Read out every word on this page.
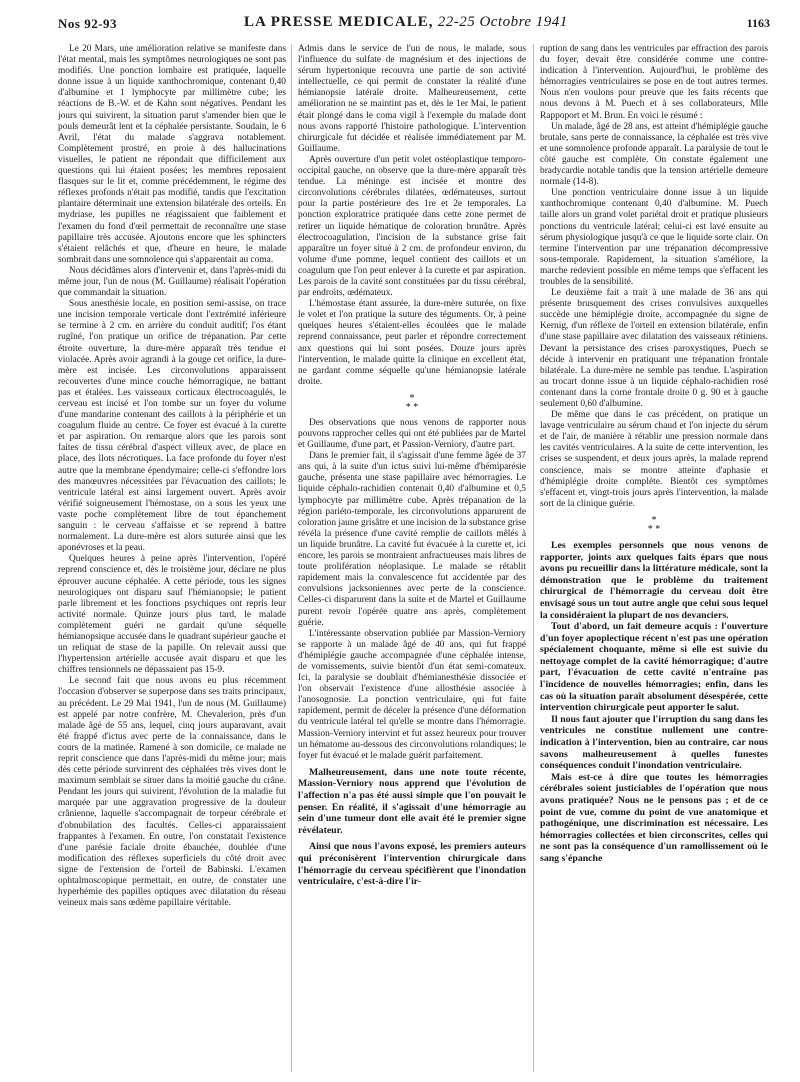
Nos 92-93	LA PRESSE MEDICALE, 22-25 Octobre 1941	1163

Le 20 Mars, une amélioration relative se manifeste dans l'état mental, mais les symptômes neurologiques ne sont pas modifiés. Une ponction lombaire est pratiquée, laquelle donne issue à un liquide xanthochromique, contenant 0,40 d'albumine et 1 lymphocyte par millimètre cube; les réactions de B.-W. et de Kahn sont négatives. Pendant les jours qui suivirent, la situation parut s'amender bien que le pouls demeurât lent et la céphalée persistante. Soudain, le 6 Avril, l'état du malade s'aggrava notablement. Complètement prostré, en proie à des hallucinations visuelles, le patient ne répondait que difficilement aux questions qui lui étaient posées; les membres reposaient flasques sur le lit et, comme précédemment, le régime des réflexes profonds n'était pas modifié, tandis que l'excitation plantaire déterminait une extension bilatérale des orteils. En mydriase, les pupilles ne réagissaient que faiblement et l'examen du fond d'œil permettait de reconnaître une stase papillaire très accusée. Ajoutons encore que les sphincters s'étaient relâchés et que, d'heure en heure, le malade sombrait dans une somnolence qui s'apparentait au coma.

Nous décidâmes alors d'intervenir et, dans l'après-midi du même jour, l'un de nous (M. Guillaume) réalisait l'opération que commandait la situation.

Sous anesthésie locale, en position semi-assise, on trace une incision temporale verticale dont l'extrémité inférieure se termine à 2 cm. en arrière du conduit auditif; l'os étant rugîné, l'on pratique un orifice de trépanation. Par cette étroite ouverture, la dure-mère apparaît très tendue et violacée. Après avoir agrandi à la gouge cet orifice, la dure-mère est incisée. Les circonvolutions apparaissent recouvertes d'une mince couche hémorragique, ne battant pas et étalées. Les vaisseaux corticaux électrocoagulés, le cerveau est incisé et l'on tombe sur un foyer du volume d'une mandarine contenant des caillots à la périphérie et un coagulum fluide au centre. Ce foyer est évacué à la curette et par aspiration. On remarque alors que les parois sont faites de tissu cérébral d'aspect villeux avec, de place en place, des îlots nécrotiques. La face profonde du foyer n'est autre que la membrane épendymaire; celle-ci s'effondre lors des manœuvres nécessitées par l'évacuation des caillots; le ventricule latéral est ainsi largement ouvert. Après avoir vérifié soigneusement l'hémostase, on a sous les yeux une vaste poche complètement libre de tout épanchement sanguin : le cerveau s'affaisse et se reprend à battre normalement. La dure-mère est alors suturée ainsi que les aponévroses et la peau.

Quelques heures à peine après l'intervention, l'opéré reprend conscience et, dès le troisième jour, déclare ne plus éprouver aucune céphalée. A cette période, tous les signes neurologiques ont disparu sauf l'hémianopsie; le patient parle librement et les fonctions psychiques ont repris leur activité normale. Quinze jours plus tard, le malade complètement guéri ne gardait qu'une séquelle hémianopsique accusée dans le quadrant supérieur gauche et un reliquat de stase de la papille. On relevait aussi que l'hypertension artérielle accusée avait disparu et que les chiffres tensionnels ne dépassaient pas 15-9.

Le second fait que nous avons eu plus récemment l'occasion d'observer se superpose dans ses traits principaux, au précédent. Le 29 Mai 1941, l'un de nous (M. Guillaume) est appelé par notre confrère, M. Chevalerion, près d'un malade âgé de 55 ans, lequel, cinq jours auparavant, avait été frappé d'ictus avec perte de la connaissance, dans le cours de la matinée. Ramené à son domicile, ce malade ne reprit conscience que dans l'après-midi du même jour; mais dès cette période survinrent des céphalées très vives dont le maximum semblait se situer dans la moitié gauche du crâne. Pendant les jours qui suivirent, l'évolution de la maladie fut marquée par une aggravation progressive de la douleur crânienne, laquelle s'accompagnait de torpeur cérébrale et d'obnubilation des facultés. Celles-ci apparaissaient frappantes à l'examen. En outre, l'on constatait l'existence d'une parésie faciale droite ébauchée, doublée d'une modification des réflexes superficiels du côté droit avec signe de l'extension de l'orteil de Babinski. L'examen ophtalmoscopique permettait, en outre, de constater une hyperhémie des papilles optiques avec dilatation du réseau veineux mais sans œdème papillaire véritable.

Admis dans le service de l'un de nous, le malade, sous l'influence du sulfate de magnésium et des injections de sérum hypertonique recouvra une partie de son activité intellectuelle, ce qui permit de constater la réalité d'une hémianopsie latérale droite. Malheureusement, cette amélioration ne se maintint pas et, dès le 1er Mai, le patient était plongé dans le coma vigil à l'exemple du malade dont nous avons rapporté l'histoire pathologique. L'intervention chirurgicale fut décidée et réalisée immédiatement par M. Guillaume.

Après ouverture d'un petit volet ostéoplastique temporo-occipital gauche, on observe que la dure-mère apparaît très tendue. La méninge est incisée et montre des circonvolutions cérébrales dilatées, œdémateuses, surtout pour la partie postérieure des 1re et 2e temporales. La ponction exploratrice pratiquée dans cette zone permet de retirer un liquide hématique de coloration brunâtre. Après électrocoagulation, l'incision de la substance grise fait apparaître un foyer situé à 2 cm. de profondeur environ, du volume d'une pomme, lequel contient des caillots et un coagulum que l'on peut enlever à la curette et par aspiration. Les parois de la cavité sont constituées par du tissu cérébral, par endroits, œdémateux.

L'hémostase étant assurée, la dure-mère suturée, on fixe le volet et l'on pratique la suture des téguments. Or, à peine quelques heures s'étaient-elles écoulées que le malade reprend connaissance, peut parler et répondre correctement aux questions qui lui sont posées. Douze jours après l'intervention, le malade quitte la clinique en excellent état, ne gardant comme séquelle qu'une hémianopsie latérale droite.

*
* *

Des observations que nous venons de rapporter nous pouvons rapprocher celles qui ont été publiées par de Martel et Guillaume, d'une part, et Passion-Verniory, d'autre part.

Dans le premier fait, il s'agissait d'une femme âgée de 37 ans qui, à la suite d'un ictus suivi lui-même d'hémiparésie gauche, présenta une stase papillaire avec hémorragies. Le liquide céphalo-rachidien contenait 0,40 d'albumine et 0,5 lymphocyte par millimètre cube. Après trépanation de la région pariéto-temporale, les circonvolutions apparurent de coloration jaune grisâtre et une incision de la substance grise révéla la présence d'une cavité remplie de caillots mêlés à un liquide brunâtre. La cavité fut évacuée à la curette et, ici encore, les parois se montraient anfractueuses mais libres de toute prolifération néoplasique. Le malade se rétablit rapidement mais la convalescence fut accidentée par des convulsions jacksoniennes avec perte de la conscience. Celles-ci disparurent dans la suite et de Martel et Guillaume purent revoir l'opérée quatre ans après, complètement guérie.

L'intéressante observation publiée par Massion-Verniory se rapporte à un malade âgé de 40 ans, qui fut frappé d'hémiplégie gauche accompagnée d'une céphalée intense, de vomissements, suivie bientôt d'un état semi-comateux. Ici, la paralysie se doublait d'hémianesthésie dissociée et l'on observait l'existence d'une allosthésie associée à l'anosognosie. La ponction ventriculaire, qui fut faite rapidement, permit de déceler la présence d'une déformation du ventricule latéral tel qu'elle se montre dans l'hémorragie. Massion-Verniory intervint et fut assez heureux pour trouver un hématome au-dessous des circonvolutions rolandiques; le foyer fut évacué et le malade guérit parfaitement.

Malheureusement, dans une note toute récente, Massion-Verniory nous apprend que l'évolution de l'affection n'a pas été aussi simple que l'on pouvait le penser. En réalité, il s'agissait d'une hémorragie au sein d'une tumeur dont elle avait été le premier signe révélateur.

Ainsi que nous l'avons exposé, les premiers auteurs qui préconisèrent l'intervention chirurgicale dans l'hémorragie du cerveau spécifièrent que l'inondation ventriculaire, c'est-à-dire l'ir-

ruption de sang dans les ventricules par effraction des parois du foyer, devait être considérée comme une contre-indication à l'intervention. Aujourd'hui, le problème des hémorragies ventriculaires se pose en de tout autres termes. Nous n'en voulons pour preuve que les faits récents que nous devons à M. Puech et à ses collaborateurs, Mlle Rappoport et M. Brun. En voici le résumé :

Un malade, âgé de 28 ans, est atteint d'hémiplégie gauche brutale, sans perte de connaissance, la céphalée est très vive et une somnolence profonde apparaît. La paralysie de tout le côté gauche est complète. On constate également une bradycardie notable tandis que la tension artérielle demeure normale (14-8).

Une ponction ventriculaire donne issue à un liquide xanthochromique contenant 0,40 d'albumine. M. Puech taille alors un grand volet pariétal droit et pratique plusieurs ponctions du ventricule latéral; celui-ci est lavé ensuite au sérum physiologique jusqu'à ce que le liquide sorte clair. On termine l'intervention par une trépanation décompressive sous-temporale. Rapidement, la situation s'améliore, la marche redevient possible en même temps que s'effacent les troubles de la sensibilité.

Le deuxième fait a trait à une malade de 36 ans qui présente brusquement des crises convulsives auxquelles succède une hémiplégie droite, accompagnée du signe de Kernig, d'un réflexe de l'orteil en extension bilatérale, enfin d'une stase papillaire avec dilatation des vaisseaux rétiniens. Devant la persistance des crises paroxystiques, Puech se décide à intervenir en pratiquant une trépanation frontale bilatérale. La dure-mère ne semble pas tendue. L'aspiration au trocart donne issue à un liquide céphalo-rachidien rosé contenant dans la corne frontale droite 0 g. 90 et à gauche seulement 0,60 d'albumine.

De même que dans le cas précédent, on pratique un lavage ventriculaire au sérum chaud et l'on injecte du sérum et de l'air, de manière à rétablir une pression normale dans les cavités ventriculaires. A la suite de cette intervention, les crises se suspendent, et deux jours après, la malade reprend conscience, mais se montre atteinte d'aphasie et d'hémiplégie droite complète. Bientôt ces symptômes s'effacent et, vingt-trois jours après l'intervention, la malade sort de la clinique guérie.

*
* *

Les exemples personnels que nous venons de rapporter, joints aux quelques faits épars que nous avons pu recueillir dans la littérature médicale, sont la démonstration que le problème du traitement chirurgical de l'hémorragie du cerveau doit être envisagé sous un tout autre angle que celui sous lequel la considéraient la plupart de nos devanciers.

Tout d'abord, un fait demeure acquis : l'ouverture d'un foyer apoplectique récent n'est pas une opération spécialement choquante, même si elle est suivie du nettoyage complet de la cavité hémorragique; d'autre part, l'évacuation de cette cavité n'entraîne pas l'incidence de nouvelles hémorragies; enfin, dans les cas où la situation paraît absolument désespérée, cette intervention chirurgicale peut apporter le salut.

Il nous faut ajouter que l'irruption du sang dans les ventricules ne constitue nullement une contre-indication à l'intervention, bien au contraire, car nous savons malheureusement à quelles funestes conséquences conduit l'inondation ventriculaire.

Mais est-ce à dire que toutes les hémorragies cérébrales soient justiciables de l'opération que nous avons pratiquée? Nous ne le pensons pas ; et de ce point de vue, comme du point de vue anatomique et pathogénique, une discrimination est nécessaire. Les hémorragies collectées et bien circonscrites, celles qui ne sont pas la conséquence d'un ramollissement où le sang s'épanche
